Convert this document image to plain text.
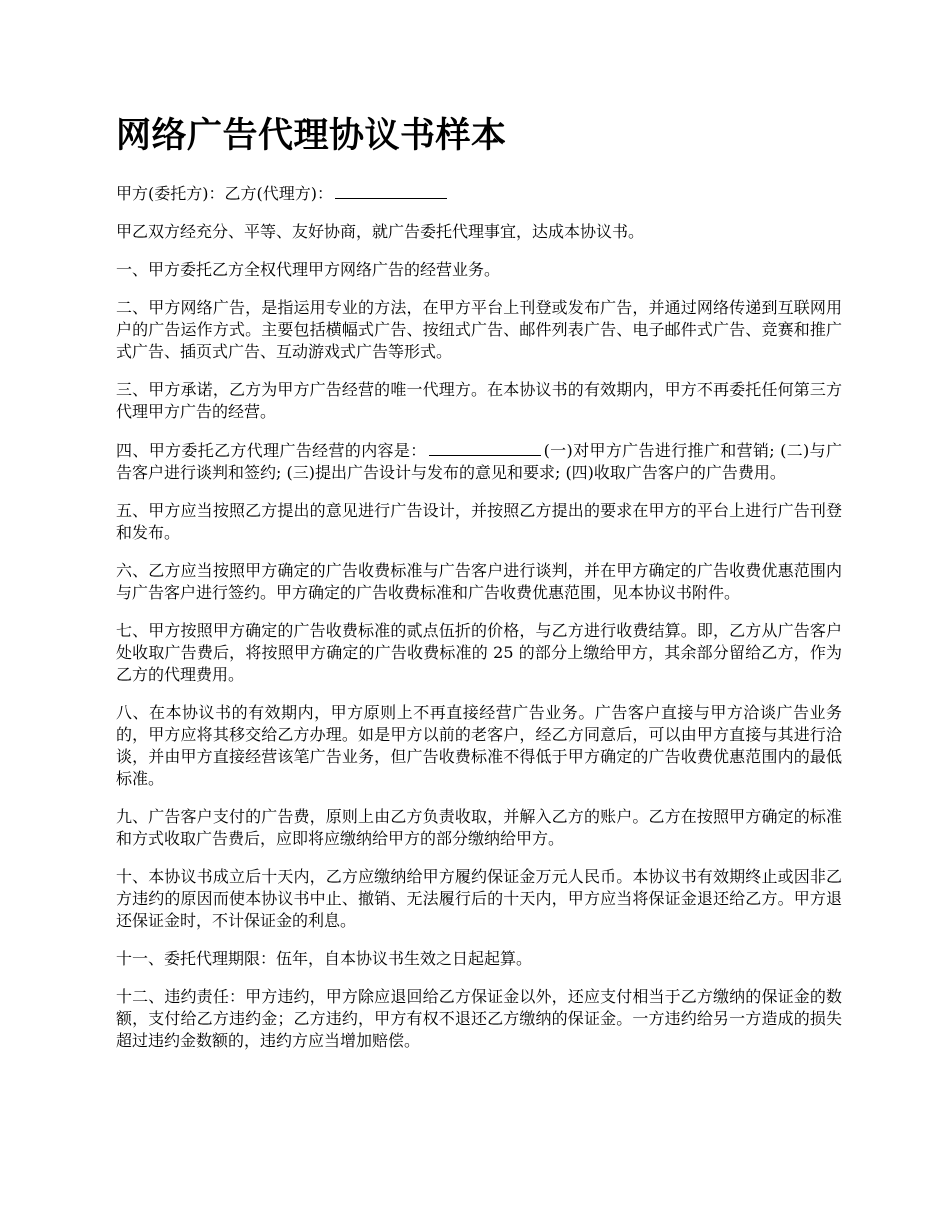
网络广告代理协议书样本

甲方(委托方)：乙方(代理方)：

甲乙双方经充分、平等、友好协商，就广告委托代理事宜，达成本协议书。

一、甲方委托乙方全权代理甲方网络广告的经营业务。

二、甲方网络广告，是指运用专业的方法，在甲方平台上刊登或发布广告，并通过网络传递到互联网用户的广告运作方式。主要包括横幅式广告、按纽式广告、邮件列表广告、电子邮件式广告、竞赛和推广式广告、插页式广告、互动游戏式广告等形式。

三、甲方承诺，乙方为甲方广告经营的唯一代理方。在本协议书的有效期内，甲方不再委托任何第三方代理甲方广告的经营。

四、甲方委托乙方代理广告经营的内容是：	(一)对甲方广告进行推广和营销; (二)与广告客户进行谈判和签约; (三)提出广告设计与发布的意见和要求; (四)收取广告客户的广告费用。

五、甲方应当按照乙方提出的意见进行广告设计，并按照乙方提出的要求在甲方的平台上进行广告刊登和发布。

六、乙方应当按照甲方确定的广告收费标准与广告客户进行谈判，并在甲方确定的广告收费优惠范围内与广告客户进行签约。甲方确定的广告收费标准和广告收费优惠范围，见本协议书附件。

七、甲方按照甲方确定的广告收费标准的贰点伍折的价格，与乙方进行收费结算。即，乙方从广告客户处收取广告费后，将按照甲方确定的广告收费标准的 25 的部分上缴给甲方，其余部分留给乙方，作为乙方的代理费用。

八、在本协议书的有效期内，甲方原则上不再直接经营广告业务。广告客户直接与甲方洽谈广告业务的，甲方应将其移交给乙方办理。如是甲方以前的老客户，经乙方同意后，可以由甲方直接与其进行洽谈，并由甲方直接经营该笔广告业务，但广告收费标准不得低于甲方确定的广告收费优惠范围内的最低标准。

九、广告客户支付的广告费，原则上由乙方负责收取，并解入乙方的账户。乙方在按照甲方确定的标准和方式收取广告费后，应即将应缴纳给甲方的部分缴纳给甲方。

十、本协议书成立后十天内，乙方应缴纳给甲方履约保证金万元人民币。本协议书有效期终止或因非乙方违约的原因而使本协议书中止、撤销、无法履行后的十天内，甲方应当将保证金退还给乙方。甲方退还保证金时，不计保证金的利息。

十一、委托代理期限：伍年，自本协议书生效之日起起算。

十二、违约责任：甲方违约，甲方除应退回给乙方保证金以外，还应支付相当于乙方缴纳的保证金的数额，支付给乙方违约金；乙方违约，甲方有权不退还乙方缴纳的保证金。一方违约给另一方造成的损失超过违约金数额的，违约方应当增加赔偿。
